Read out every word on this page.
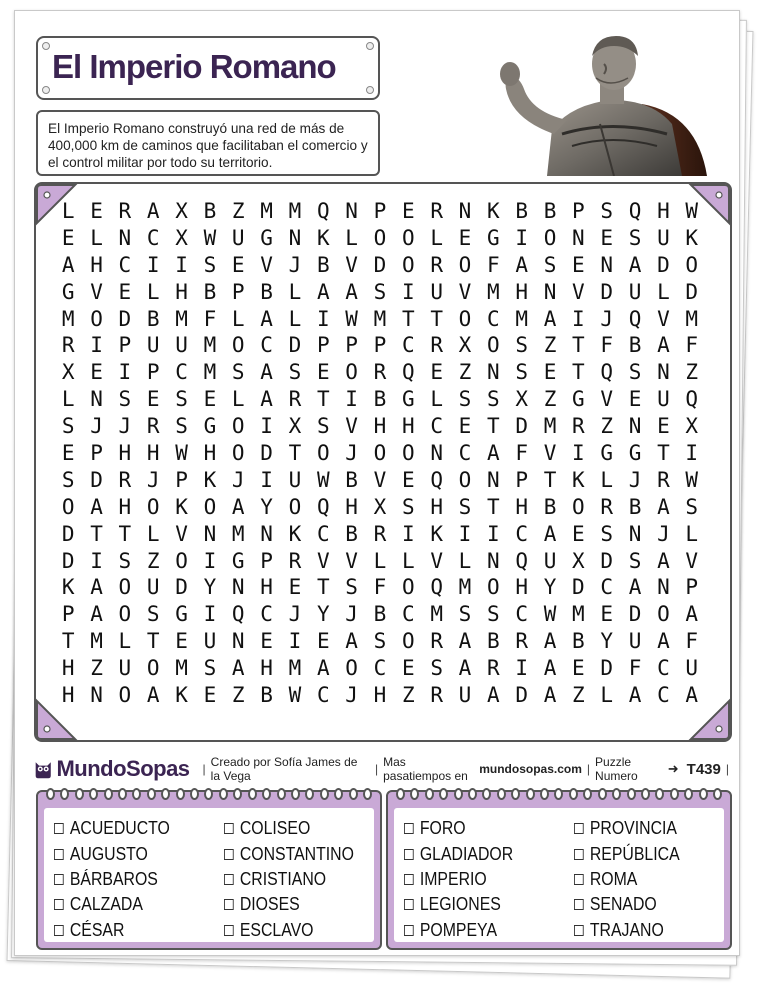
El Imperio Romano
El Imperio Romano construyó una red de más de 400,000 km de caminos que facilitaban el comercio y el control militar por todo su territorio.
L E R A X B Z M M Q N P E R N K B B P S Q H W
E L N C X W U G N K L O O L E G I O N E S U K
A H C I I S E V J B V D O R O F A S E N A D O
G V E L H B P B L A A S I U V M H N V D U L D
M O D B M F L A L I W M T T O C M A I J Q V M
R I P U U M O C D P P P C R X O S Z T F B A F
X E I P C M S A S E O R Q E Z N S E T Q S N Z
L N S E S E L A R T I B G L S S X Z G V E U Q
S J J R S G O I X S V H H C E T D M R Z N E X
E P H H W H O D T O J O O N C A F V I G G T I
S D R J P K J I U W B V E Q O N P T K L J R W
O A H O K O A Y O Q H X S H S T H B O R B A S
D T T L V N M N K C B R I K I I C A E S N J L
D I S Z O I G P R V V L L V L N Q U X D S A V
K A O U D Y N H E T S F O Q M O H Y D C A N P
P A O S G I Q C J Y J B C M S S C W M E D O A
T M L T E U N E I E A S O R A B R A B Y U A F
H Z U O M S A H M A O C E S A R I A E D F C U
H N O A K E Z B W C J H Z R U A D A Z L A C A
MundoSopas | Creado por Sofía James de la Vega	| Mas pasatiempos en
mundosopas.com | Puzzle Numero	➜ T439 |
ACUEDUCTO
AUGUSTO
BÁRBAROS
CALZADA
CÉSAR
COLISEO
CONSTANTINO
CRISTIANO
DIOSES
ESCLAVO
FORO
GLADIADOR
IMPERIO
LEGIONES
POMPEYA
PROVINCIA
REPÚBLICA
ROMA
SENADO
TRAJANO
